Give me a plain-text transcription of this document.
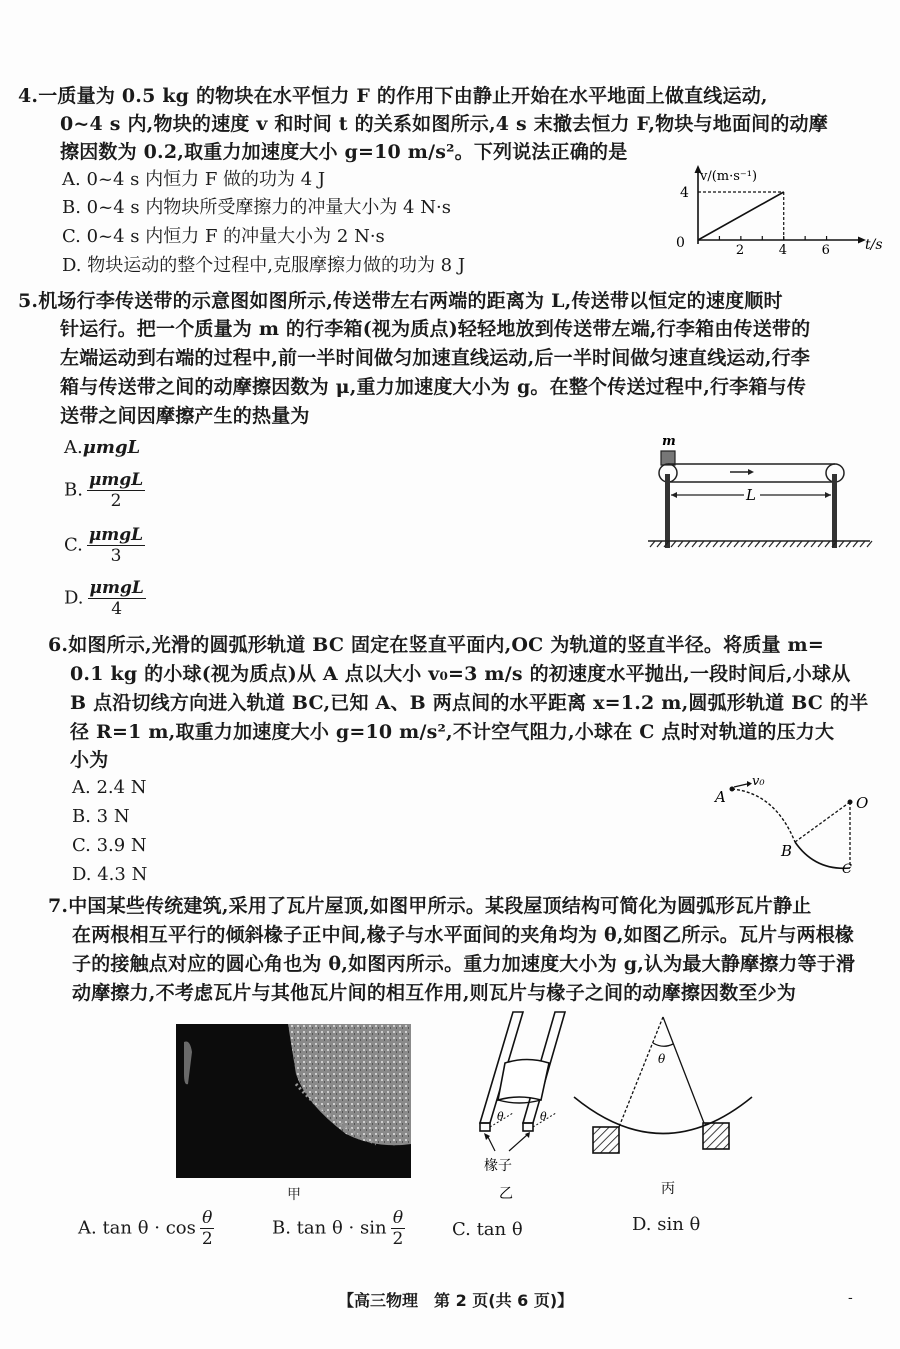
4.一质量为 0.5 kg 的物块在水平恒力 F 的作用下由静止开始在水平地面上做直线运动,
0~4 s 内,物块的速度 v 和时间 t 的关系如图所示,4 s 末撤去恒力 F,物块与地面间的动摩
擦因数为 0.2,取重力加速度大小 g=10 m/s²。下列说法正确的是
A. 0~4 s 内恒力 F 做的功为 4 J
B. 0~4 s 内物块所受摩擦力的冲量大小为 4 N·s
C. 0~4 s 内恒力 F 的冲量大小为 2 N·s
D. 物块运动的整个过程中,克服摩擦力做的功为 8 J
2	4	6
4
v/(m·s⁻¹)
t/s
0
5.机场行李传送带的示意图如图所示,传送带左右两端的距离为 L,传送带以恒定的速度顺时
针运行。把一个质量为 m 的行李箱(视为质点)轻轻地放到传送带左端,行李箱由传送带的
左端运动到右端的过程中,前一半时间做匀加速直线运动,后一半时间做匀速直线运动,行李
箱与传送带之间的动摩擦因数为 μ,重力加速度大小为 g。在整个传送过程中,行李箱与传
送带之间因摩擦产生的热量为
A.μmgL
B. $\frac{\text{μmgL}}{2}$
C. $\frac{\text{μmgL}}{3}$
D. $\frac{\text{μmgL}}{4}$
m
L
6.如图所示,光滑的圆弧形轨道 BC 固定在竖直平面内,OC 为轨道的竖直半径。将质量 m=
0.1 kg 的小球(视为质点)从 A 点以大小 v₀=3 m/s 的初速度水平抛出,一段时间后,小球从
B 点沿切线方向进入轨道 BC,已知 A、B 两点间的水平距离 x=1.2 m,圆弧形轨道 BC 的半
径 R=1 m,取重力加速度大小 g=10 m/s²,不计空气阻力,小球在 C 点时对轨道的压力大
小为
A. 2.4 N
B. 3 N
C. 3.9 N
D. 4.3 N
A
v₀
O
B
C
7.中国某些传统建筑,采用了瓦片屋顶,如图甲所示。某段屋顶结构可简化为圆弧形瓦片静止
在两根相互平行的倾斜椽子正中间,椽子与水平面间的夹角均为 θ,如图乙所示。瓦片与两根椽
子的接触点对应的圆心角也为 θ,如图丙所示。重力加速度大小为 g,认为最大静摩擦力等于滑
动摩擦力,不考虑瓦片与其他瓦片间的相互作用,则瓦片与椽子之间的动摩擦因数至少为
甲
θ	θ
椽子
乙
θ
丙
A. $\tan \theta \cdot \cos \frac{\theta}{2}$	B. $\tan \theta \cdot \sin \frac{\theta}{2}$	C. tan θ	D. sin θ
【高三物理　第 2 页(共 6 页)】	-
